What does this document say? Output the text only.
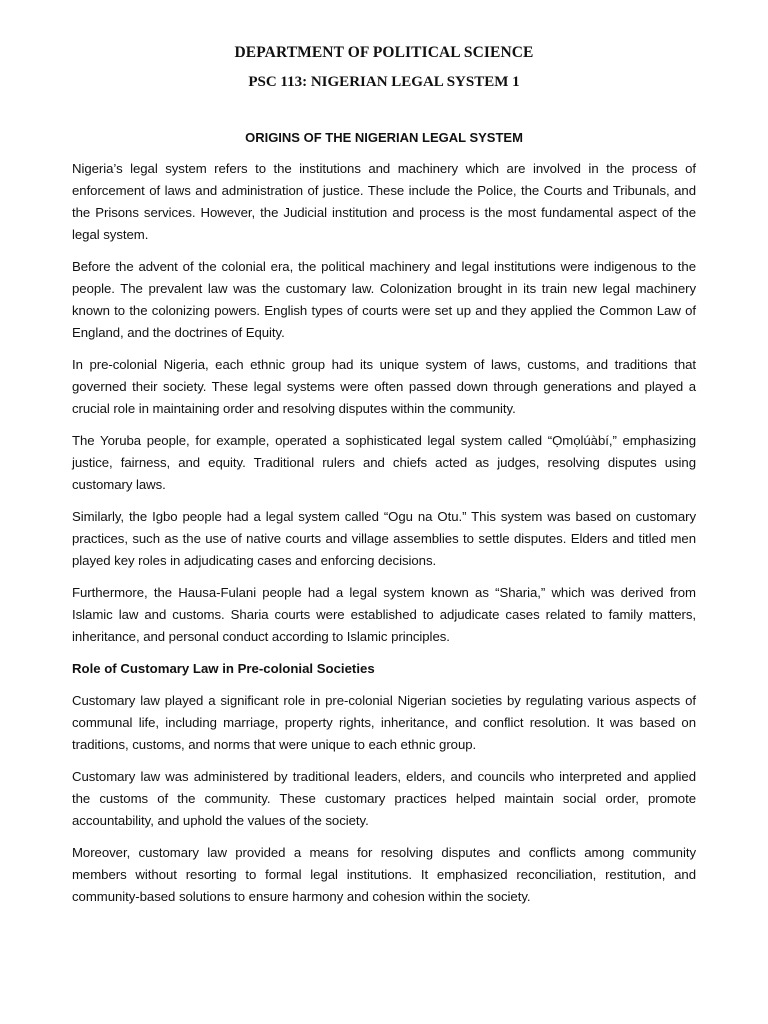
DEPARTMENT OF POLITICAL SCIENCE
PSC 113: NIGERIAN LEGAL SYSTEM 1
ORIGINS OF THE NIGERIAN LEGAL SYSTEM

Nigeria’s legal system refers to the institutions and machinery which are involved in the process of enforcement of laws and administration of justice. These include the Police, the Courts and Tribunals, and the Prisons services. However, the Judicial institution and process is the most fundamental aspect of the legal system.

Before the advent of the colonial era, the political machinery and legal institutions were indigenous to the people. The prevalent law was the customary law. Colonization brought in its train new legal machinery known to the colonizing powers. English types of courts were set up and they applied the Common Law of England, and the doctrines of Equity.

In pre-colonial Nigeria, each ethnic group had its unique system of laws, customs, and traditions that governed their society. These legal systems were often passed down through generations and played a crucial role in maintaining order and resolving disputes within the community.

The Yoruba people, for example, operated a sophisticated legal system called “Ọmọlúàbí,” emphasizing justice, fairness, and equity. Traditional rulers and chiefs acted as judges, resolving disputes using customary laws.

Similarly, the Igbo people had a legal system called “Ogu na Otu.” This system was based on customary practices, such as the use of native courts and village assemblies to settle disputes. Elders and titled men played key roles in adjudicating cases and enforcing decisions.

Furthermore, the Hausa-Fulani people had a legal system known as “Sharia,” which was derived from Islamic law and customs. Sharia courts were established to adjudicate cases related to family matters, inheritance, and personal conduct according to Islamic principles.

Role of Customary Law in Pre-colonial Societies

Customary law played a significant role in pre-colonial Nigerian societies by regulating various aspects of communal life, including marriage, property rights, inheritance, and conflict resolution. It was based on traditions, customs, and norms that were unique to each ethnic group.

Customary law was administered by traditional leaders, elders, and councils who interpreted and applied the customs of the community. These customary practices helped maintain social order, promote accountability, and uphold the values of the society.

Moreover, customary law provided a means for resolving disputes and conflicts among community members without resorting to formal legal institutions. It emphasized reconciliation, restitution, and community-based solutions to ensure harmony and cohesion within the society.
